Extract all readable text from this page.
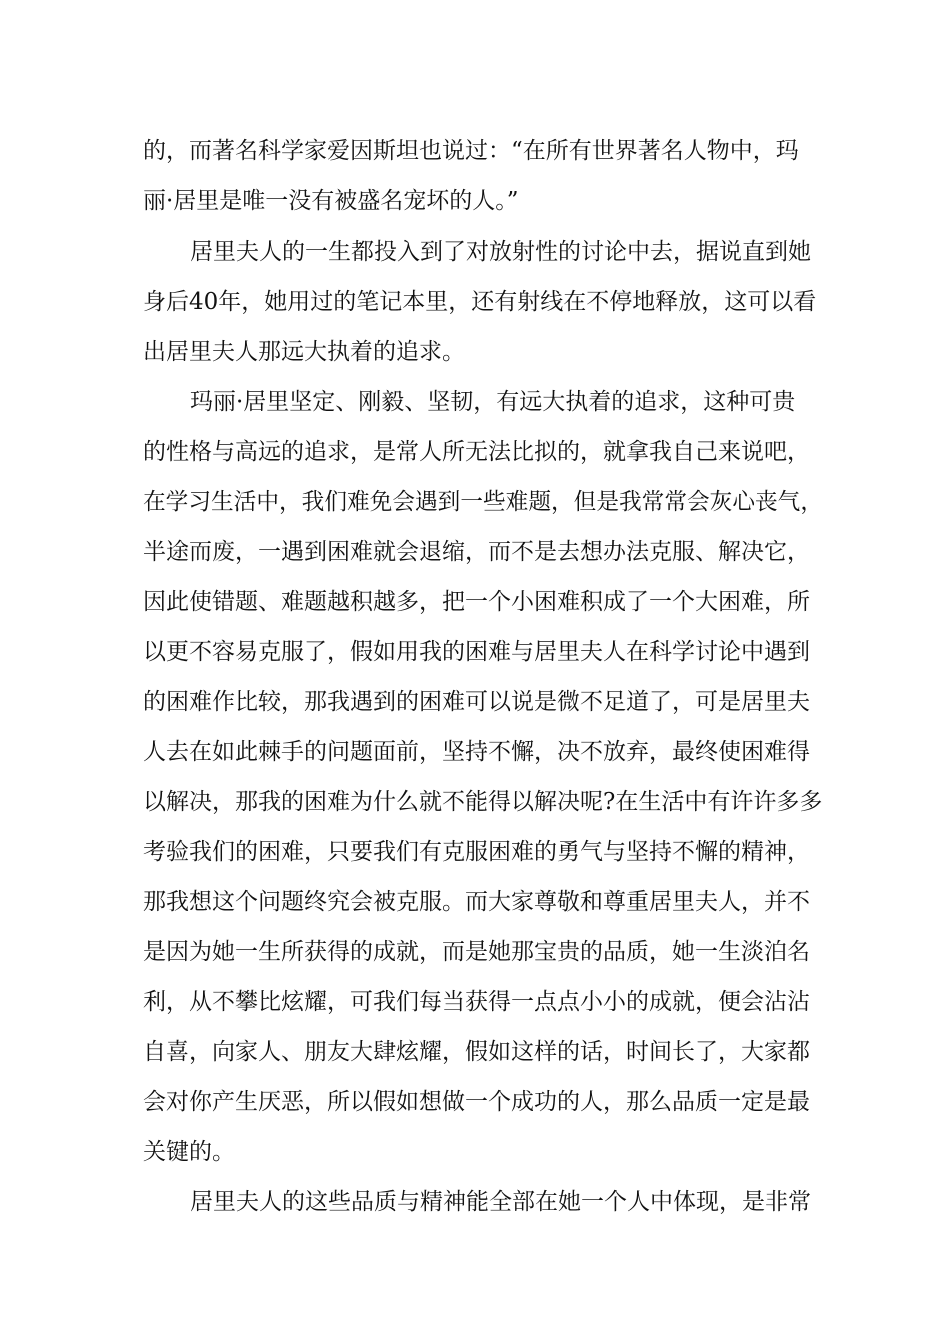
的，而著名科学家爱因斯坦也说过：“在所有世界著名人物中，玛
丽·居里是唯一没有被盛名宠坏的人。”
居里夫人的一生都投入到了对放射性的讨论中去，据说直到她
身后40年，她用过的笔记本里，还有射线在不停地释放，这可以看
出居里夫人那远大执着的追求。
玛丽·居里坚定、刚毅、坚韧，有远大执着的追求，这种可贵
的性格与高远的追求，是常人所无法比拟的，就拿我自己来说吧，
在学习生活中，我们难免会遇到一些难题，但是我常常会灰心丧气，
半途而废，一遇到困难就会退缩，而不是去想办法克服、解决它，
因此使错题、难题越积越多，把一个小困难积成了一个大困难，所
以更不容易克服了，假如用我的困难与居里夫人在科学讨论中遇到
的困难作比较，那我遇到的困难可以说是微不足道了，可是居里夫
人去在如此棘手的问题面前，坚持不懈，决不放弃，最终使困难得
以解决，那我的困难为什么就不能得以解决呢?在生活中有许许多多
考验我们的困难，只要我们有克服困难的勇气与坚持不懈的精神，
那我想这个问题终究会被克服。而大家尊敬和尊重居里夫人，并不
是因为她一生所获得的成就，而是她那宝贵的品质，她一生淡泊名
利，从不攀比炫耀，可我们每当获得一点点小小的成就，便会沾沾
自喜，向家人、朋友大肆炫耀，假如这样的话，时间长了，大家都
会对你产生厌恶，所以假如想做一个成功的人，那么品质一定是最
关键的。
居里夫人的这些品质与精神能全部在她一个人中体现，是非常
